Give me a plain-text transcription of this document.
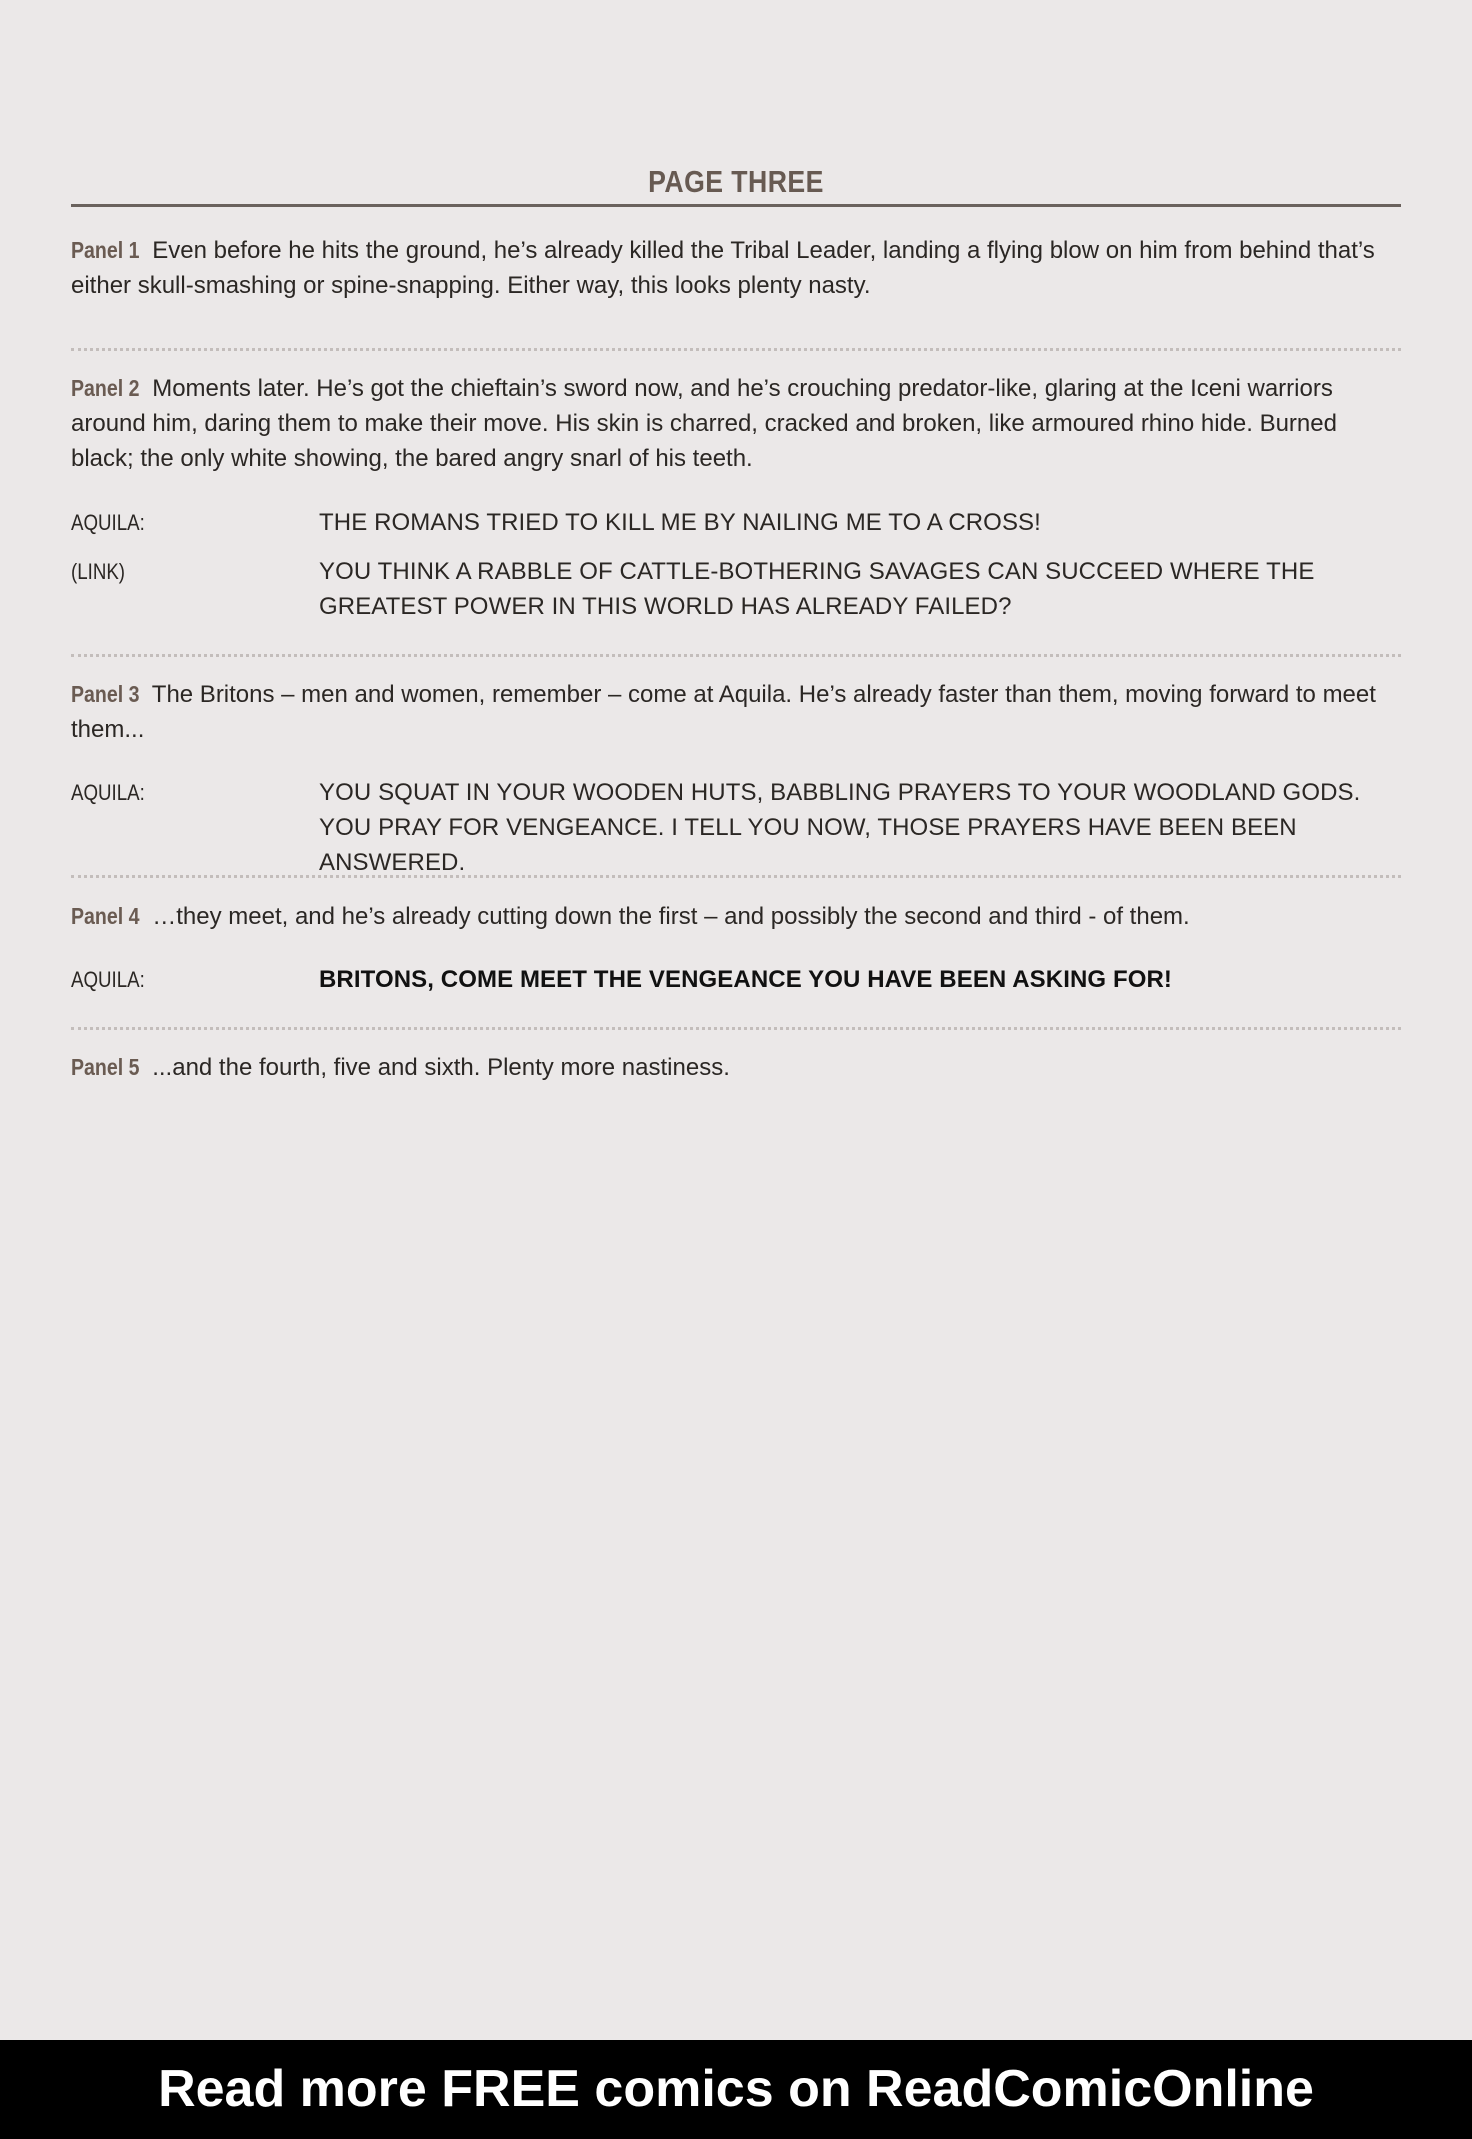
PAGE THREE

Panel 1 Even before he hits the ground, he’s already killed the Tribal Leader, landing a flying blow on him from behind that’s either skull-smashing or spine-snapping. Either way, this looks plenty nasty.

Panel 2 Moments later. He’s got the chieftain’s sword now, and he’s crouching predator-like, glaring at the Iceni warriors around him, daring them to make their move. His skin is charred, cracked and broken, like armoured rhino hide. Burned black; the only white showing, the bared angry snarl of his teeth.

AQUILA:	THE ROMANS TRIED TO KILL ME BY NAILING ME TO A CROSS!
(LINK)	YOU THINK A RABBLE OF CATTLE-BOTHERING SAVAGES CAN SUCCEED WHERE THE GREATEST POWER IN THIS WORLD HAS ALREADY FAILED?

Panel 3 The Britons – men and women, remember – come at Aquila. He’s already faster than them, moving forward to meet them...

AQUILA:	YOU SQUAT IN YOUR WOODEN HUTS, BABBLING PRAYERS TO YOUR WOODLAND GODS. YOU PRAY FOR VENGEANCE. I TELL YOU NOW, THOSE PRAYERS HAVE BEEN BEEN ANSWERED.

Panel 4 …they meet, and he’s already cutting down the first – and possibly the second and third - of them.

AQUILA:	BRITONS, COME MEET THE VENGEANCE YOU HAVE BEEN ASKING FOR!

Panel 5 ...and the fourth, five and sixth. Plenty more nastiness.

Read more FREE comics on ReadComicOnline
